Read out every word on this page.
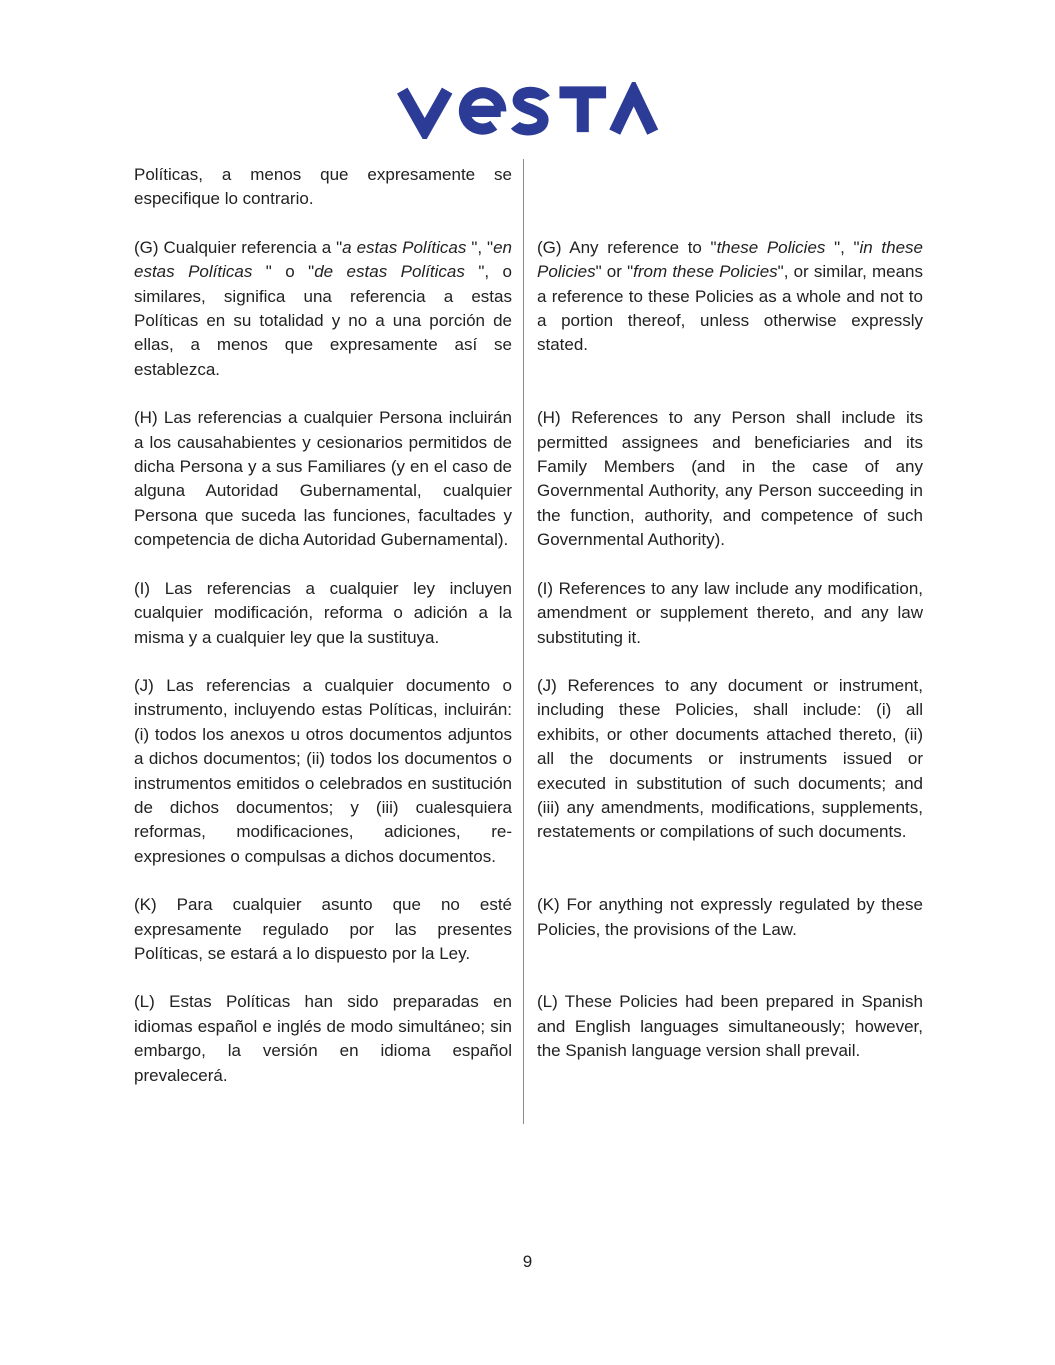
Políticas, a menos que expresamente se especifique lo contrario.
(G) Cualquier referencia a "a estas Políticas ", "en estas Políticas " o "de estas Políticas ", o similares, significa una referencia a estas Políticas en su totalidad y no a una porción de ellas, a menos que expresamente así se establezca.
(G) Any reference to "these Policies ", "in these Policies" or "from these Policies", or similar, means a reference to these Policies as a whole and not to a portion thereof, unless otherwise expressly stated.
(H) Las referencias a cualquier Persona incluirán a los causahabientes y cesionarios permitidos de dicha Persona y a sus Familiares (y en el caso de alguna Autoridad Gubernamental, cualquier Persona que suceda las funciones, facultades y competencia de dicha Autoridad Gubernamental).
(H) References to any Person shall include its permitted assignees and beneficiaries and its Family Members (and in the case of any Governmental Authority, any Person succeeding in the function, authority, and competence of such Governmental Authority).
(I) Las referencias a cualquier ley incluyen cualquier modificación, reforma o adición a la misma y a cualquier ley que la sustituya.
(I) References to any law include any modification, amendment or supplement thereto, and any law substituting it.
(J) Las referencias a cualquier documento o instrumento, incluyendo estas Políticas, incluirán: (i) todos los anexos u otros documentos adjuntos a dichos documentos; (ii) todos los documentos o instrumentos emitidos o celebrados en sustitución de dichos documentos; y (iii) cualesquiera reformas, modificaciones, adiciones, re-expresiones o compulsas a dichos documentos.
(J) References to any document or instrument, including these Policies, shall include: (i) all exhibits, or other documents attached thereto, (ii) all the documents or instruments issued or executed in substitution of such documents; and (iii) any amendments, modifications, supplements, restatements or compilations of such documents.
(K) Para cualquier asunto que no esté expresamente regulado por las presentes Políticas, se estará a lo dispuesto por la Ley.
(K) For anything not expressly regulated by these Policies, the provisions of the Law.
(L) Estas Políticas han sido preparadas en idiomas español e inglés de modo simultáneo; sin embargo, la versión en idioma español prevalecerá.
(L) These Policies had been prepared in Spanish and English languages simultaneously; however, the Spanish language version shall prevail.
9
